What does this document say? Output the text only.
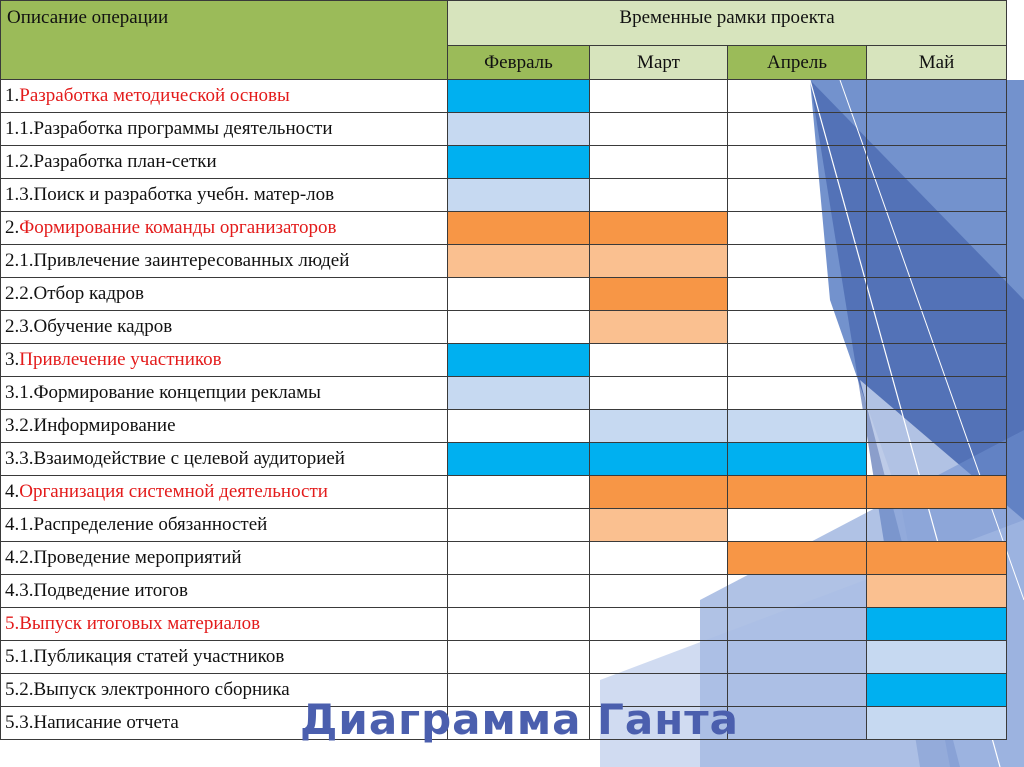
Описание операции	Временные рамки проекта			
	Февраль	Март	Апрель	Май
1.Разработка методической основы				
1.1.Разработка программы деятельности				
1.2.Разработка план-сетки				
1.3.Поиск и разработка учебн. матер-лов				
2.Формирование команды организаторов				
2.1.Привлечение заинтересованных людей				
2.2.Отбор кадров				
2.3.Обучение кадров				
3.Привлечение участников				
3.1.Формирование концепции рекламы				
3.2.Информирование				
3.3.Взаимодействие с целевой аудиторией				
4.Организация системной деятельности				
4.1.Распределение обязанностей				
4.2.Проведение мероприятий				
4.3.Подведение итогов				
5.Выпуск итоговых материалов				
5.1.Публикация статей участников				
5.2.Выпуск электронного сборника				
5.3.Написание отчета					Диаграмма Ганта
